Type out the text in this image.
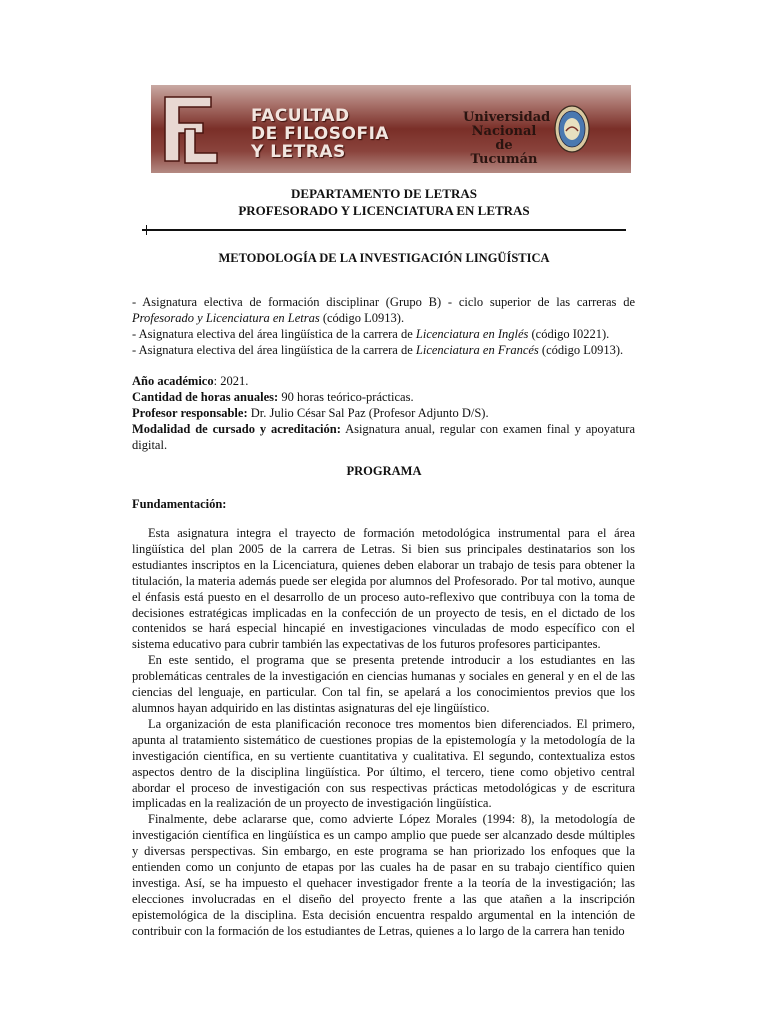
FACULTAD
DE FILOSOFIA
Y LETRAS
Universidad
Nacional
de Tucumán
DEPARTAMENTO DE LETRAS
PROFESORADO Y LICENCIATURA EN LETRAS
METODOLOGÍA DE LA INVESTIGACIÓN LINGÜÍSTICA

- Asignatura electiva de formación disciplinar (Grupo B) - ciclo superior de las carreras de Profesorado y Licenciatura en Letras (código L0913).

- Asignatura electiva del área lingüística de la carrera de Licenciatura en Inglés (código I0221).

- Asignatura electiva del área lingüística de la carrera de Licenciatura en Francés (código L0913).

Año académico: 2021.

Cantidad de horas anuales: 90 horas teórico-prácticas.

Profesor responsable: Dr. Julio César Sal Paz (Profesor Adjunto D/S).

Modalidad de cursado y acreditación: Asignatura anual, regular con examen final y apoyatura digital.

PROGRAMA

Fundamentación:

Esta asignatura integra el trayecto de formación metodológica instrumental para el área lingüística del plan 2005 de la carrera de Letras. Si bien sus principales destinatarios son los estudiantes inscriptos en la Licenciatura, quienes deben elaborar un trabajo de tesis para obtener la titulación, la materia además puede ser elegida por alumnos del Profesorado. Por tal motivo, aunque el énfasis está puesto en el desarrollo de un proceso auto-reflexivo que contribuya con la toma de decisiones estratégicas implicadas en la confección de un proyecto de tesis, en el dictado de los contenidos se hará especial hincapié en investigaciones vinculadas de modo específico con el sistema educativo para cubrir también las expectativas de los futuros profesores participantes.

En este sentido, el programa que se presenta pretende introducir a los estudiantes en las problemáticas centrales de la investigación en ciencias humanas y sociales en general y en el de las ciencias del lenguaje, en particular. Con tal fin, se apelará a los conocimientos previos que los alumnos hayan adquirido en las distintas asignaturas del eje lingüístico.

La organización de esta planificación reconoce tres momentos bien diferenciados. El primero, apunta al tratamiento sistemático de cuestiones propias de la epistemología y la metodología de la investigación científica, en su vertiente cuantitativa y cualitativa. El segundo, contextualiza estos aspectos dentro de la disciplina lingüística. Por último, el tercero, tiene como objetivo central abordar el proceso de investigación con sus respectivas prácticas metodológicas y de escritura implicadas en la realización de un proyecto de investigación lingüística.

Finalmente, debe aclararse que, como advierte López Morales (1994: 8), la metodología de investigación científica en lingüística es un campo amplio que puede ser alcanzado desde múltiples y diversas perspectivas. Sin embargo, en este programa se han priorizado los enfoques que la entienden como un conjunto de etapas por las cuales ha de pasar en su trabajo científico quien investiga. Así, se ha impuesto el quehacer investigador frente a la teoría de la investigación; las elecciones involucradas en el diseño del proyecto frente a las que atañen a la inscripción epistemológica de la disciplina. Esta decisión encuentra respaldo argumental en la intención de contribuir con la formación de los estudiantes de Letras, quienes a lo largo de la carrera han tenido
